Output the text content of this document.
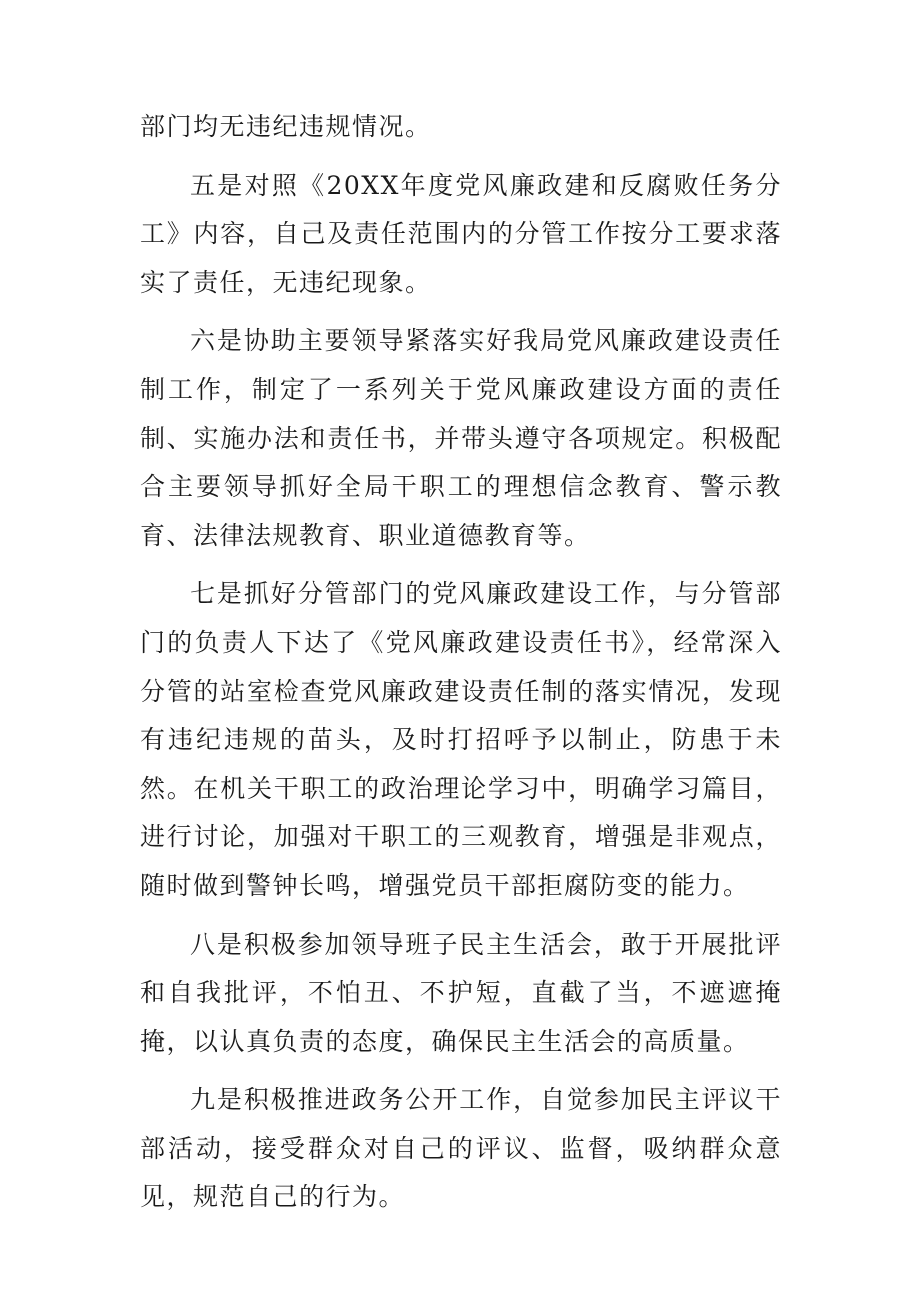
部门均无违纪违规情况。

五是对照《20XX年度党风廉政建和反腐败任务分工》内容，自己及责任范围内的分管工作按分工要求落实了责任，无违纪现象。

六是协助主要领导紧落实好我局党风廉政建设责任制工作，制定了一系列关于党风廉政建设方面的责任制、实施办法和责任书，并带头遵守各项规定。积极配合主要领导抓好全局干职工的理想信念教育、警示教育、法律法规教育、职业道德教育等。

七是抓好分管部门的党风廉政建设工作，与分管部门的负责人下达了《党风廉政建设责任书》，经常深入分管的站室检查党风廉政建设责任制的落实情况，发现有违纪违规的苗头，及时打招呼予以制止，防患于未然。在机关干职工的政治理论学习中，明确学习篇目，进行讨论，加强对干职工的三观教育，增强是非观点，随时做到警钟长鸣，增强党员干部拒腐防变的能力。

八是积极参加领导班子民主生活会，敢于开展批评和自我批评，不怕丑、不护短，直截了当，不遮遮掩掩，以认真负责的态度，确保民主生活会的高质量。

九是积极推进政务公开工作，自觉参加民主评议干部活动，接受群众对自己的评议、监督，吸纳群众意见，规范自己的行为。
